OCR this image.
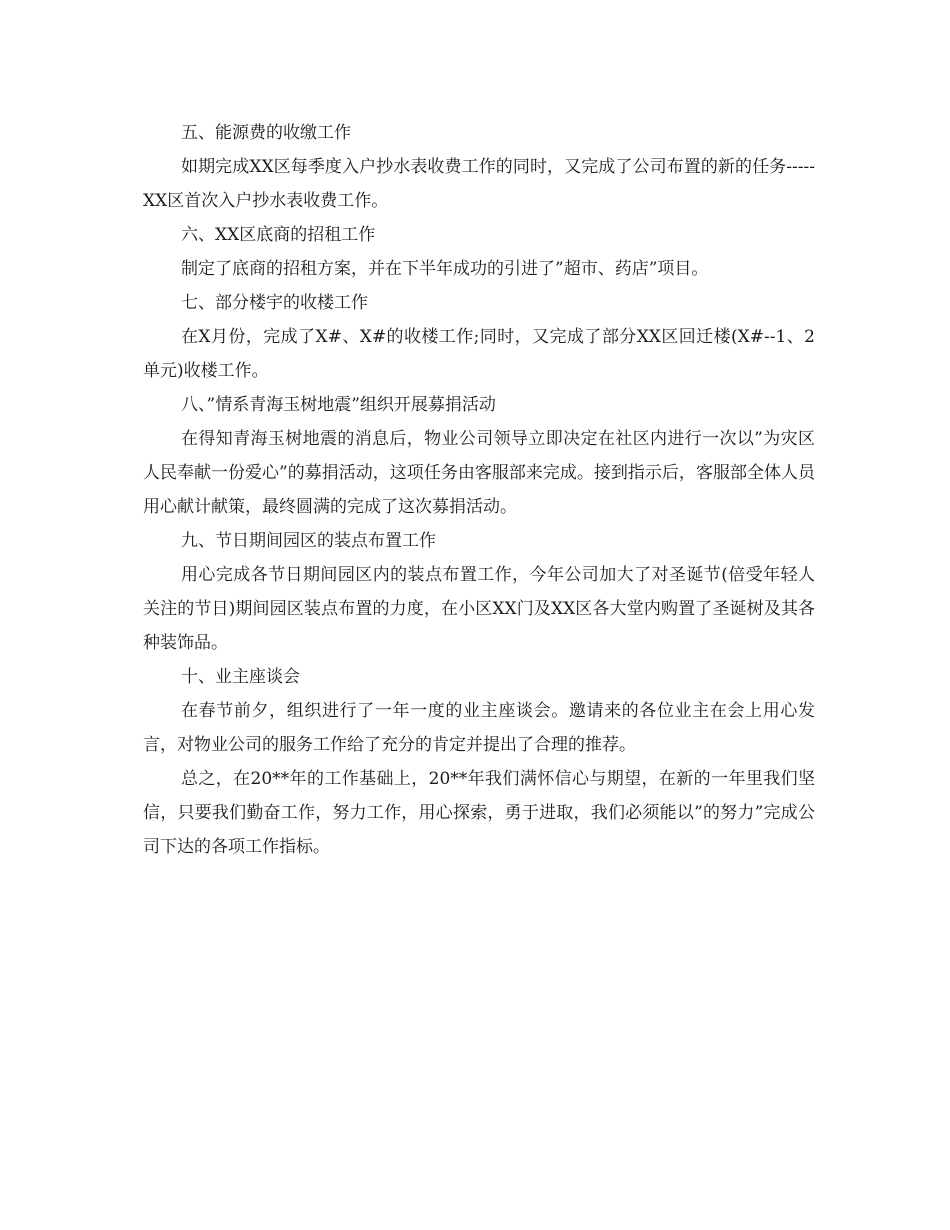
五、能源费的收缴工作

如期完成XX区每季度入户抄水表收费工作的同时，又完成了公司布置的新的任务-----XX区首次入户抄水表收费工作。

六、XX区底商的招租工作

制定了底商的招租方案，并在下半年成功的引进了”超市、药店”项目。

七、部分楼宇的收楼工作

在X月份，完成了X#、X#的收楼工作;同时，又完成了部分XX区回迁楼(X#--1、2单元)收楼工作。

八、”情系青海玉树地震”组织开展募捐活动

在得知青海玉树地震的消息后，物业公司领导立即决定在社区内进行一次以”为灾区人民奉献一份爱心”的募捐活动，这项任务由客服部来完成。接到指示后，客服部全体人员用心献计献策，最终圆满的完成了这次募捐活动。

九、节日期间园区的装点布置工作

用心完成各节日期间园区内的装点布置工作，今年公司加大了对圣诞节(倍受年轻人关注的节日)期间园区装点布置的力度，在小区XX门及XX区各大堂内购置了圣诞树及其各种装饰品。

十、业主座谈会

在春节前夕，组织进行了一年一度的业主座谈会。邀请来的各位业主在会上用心发言，对物业公司的服务工作给了充分的肯定并提出了合理的推荐。

总之，在20**年的工作基础上，20**年我们满怀信心与期望，在新的一年里我们坚信，只要我们勤奋工作，努力工作，用心探索，勇于进取，我们必须能以”的努力”完成公司下达的各项工作指标。
